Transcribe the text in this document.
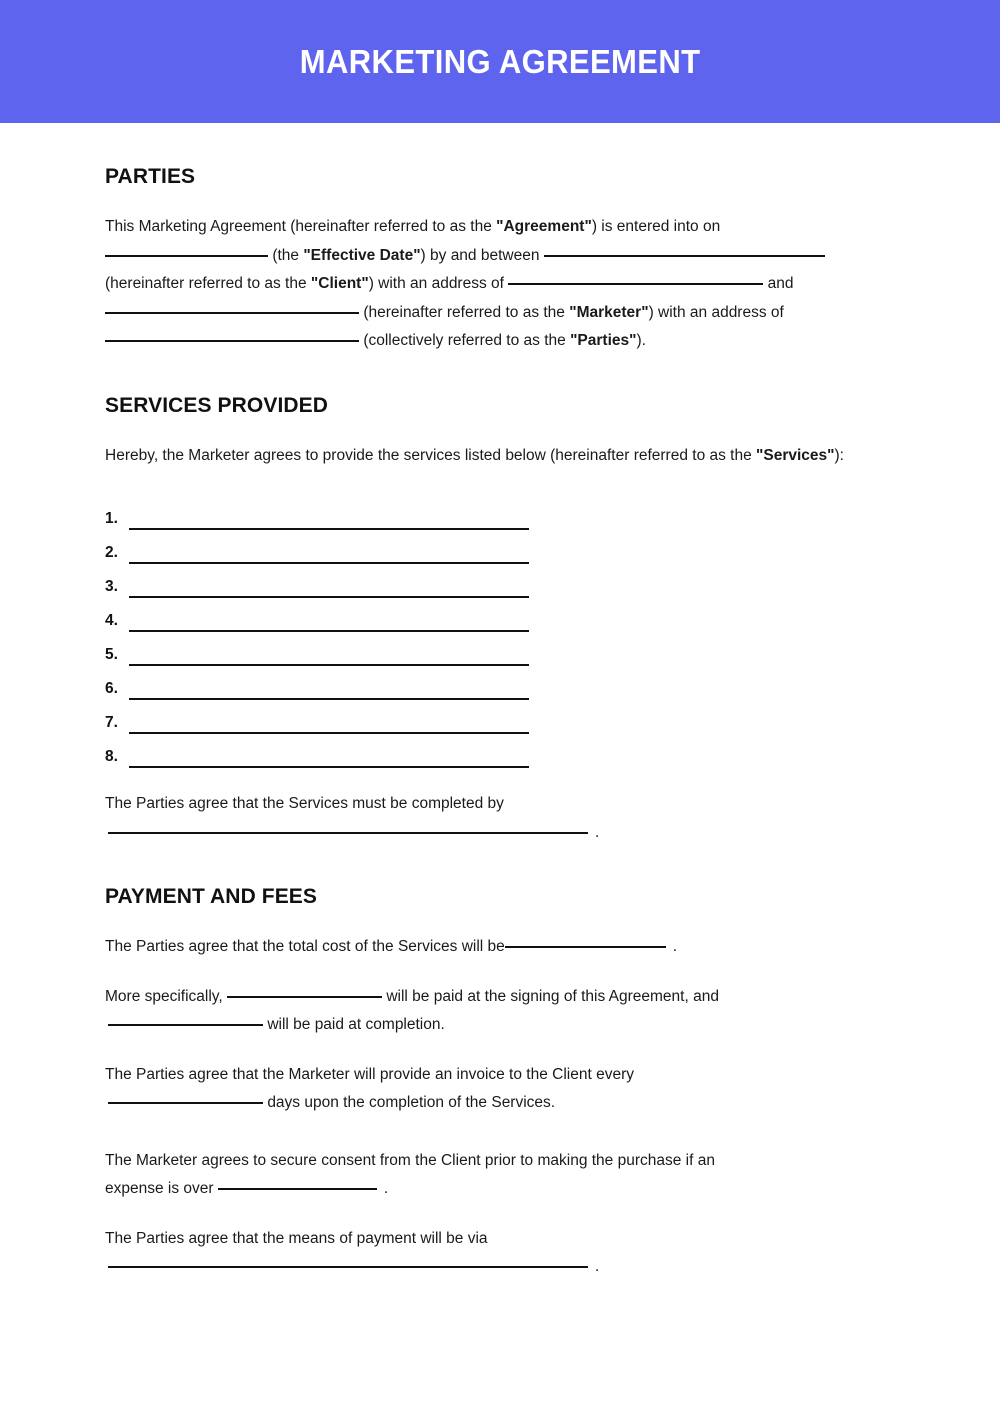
MARKETING AGREEMENT
PARTIES

This Marketing Agreement (hereinafter referred to as the "Agreement") is entered into on
(the "Effective Date") by and between
(hereinafter referred to as the "Client") with an address of	and
(hereinafter referred to as the "Marketer") with an address of
(collectively referred to as the "Parties").

SERVICES PROVIDED

Hereby, the Marketer agrees to provide the services listed below (hereinafter referred to as the "Services"):

1.
2.
3.
4.
5.
6.
7.
8.

The Parties agree that the Services must be completed by
.

PAYMENT AND FEES

The Parties agree that the total cost of the Services will be	.

More specifically,	will be paid at the signing of this Agreement, and
will be paid at completion.

The Parties agree that the Marketer will provide an invoice to the Client every
days upon the completion of the Services.

The Marketer agrees to secure consent from the Client prior to making the purchase if an
expense is over	.

The Parties agree that the means of payment will be via
.
